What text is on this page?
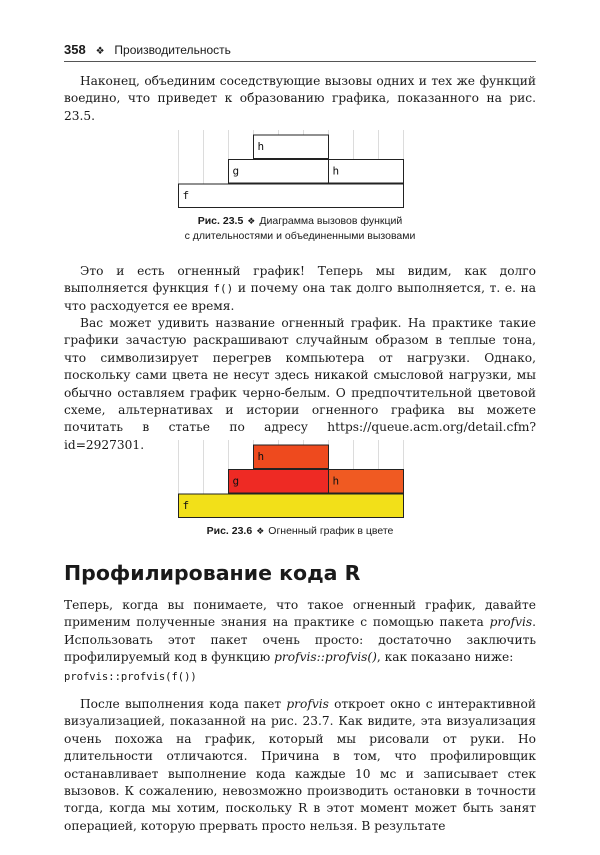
358 ❖ Производительность

Наконец, объединим соседствующие вызовы одних и тех же функций воедино, что приведет к образованию графика, показанного на рис. 23.5.

f
g	h
h
Рис. 23.5 ❖ Диаграмма вызовов функций
с длительностями и объединенными вызовами

Это и есть огненный график! Теперь мы видим, как долго выполняется функция f() и почему она так долго выполняется, т. е. на что расходуется ее время.

Вас может удивить название огненный график. На практике такие графики зачастую раскрашивают случайным образом в теплые тона, что символизирует перегрев компьютера от нагрузки. Однако, поскольку сами цвета не несут здесь никакой смысловой нагрузки, мы обычно оставляем график черно-белым. О предпочтительной цветовой схеме, альтернативах и истории огненного графика вы можете почитать в статье по адресу https://queue.acm.org/detail.cfm?id=2927301.

f
g	h
h
Рис. 23.6 ❖ Огненный график в цвете
Профилирование кода R

Теперь, когда вы понимаете, что такое огненный график, давайте применим полученные знания на практике с помощью пакета profvis. Использовать этот пакет очень просто: достаточно заключить профилируемый код в функцию profvis::profvis(), как показано ниже:

profvis::profvis(f())

После выполнения кода пакет profvis откроет окно с интерактивной визуализацией, показанной на рис. 23.7. Как видите, эта визуализация очень похожа на график, который мы рисовали от руки. Но длительности отличаются. Причина в том, что профилировщик останавливает выполнение кода каждые 10 мс и записывает стек вызовов. К сожалению, невозможно производить остановки в точности тогда, когда мы хотим, поскольку R в этот момент может быть занят операцией, которую прервать просто нельзя. В результате
